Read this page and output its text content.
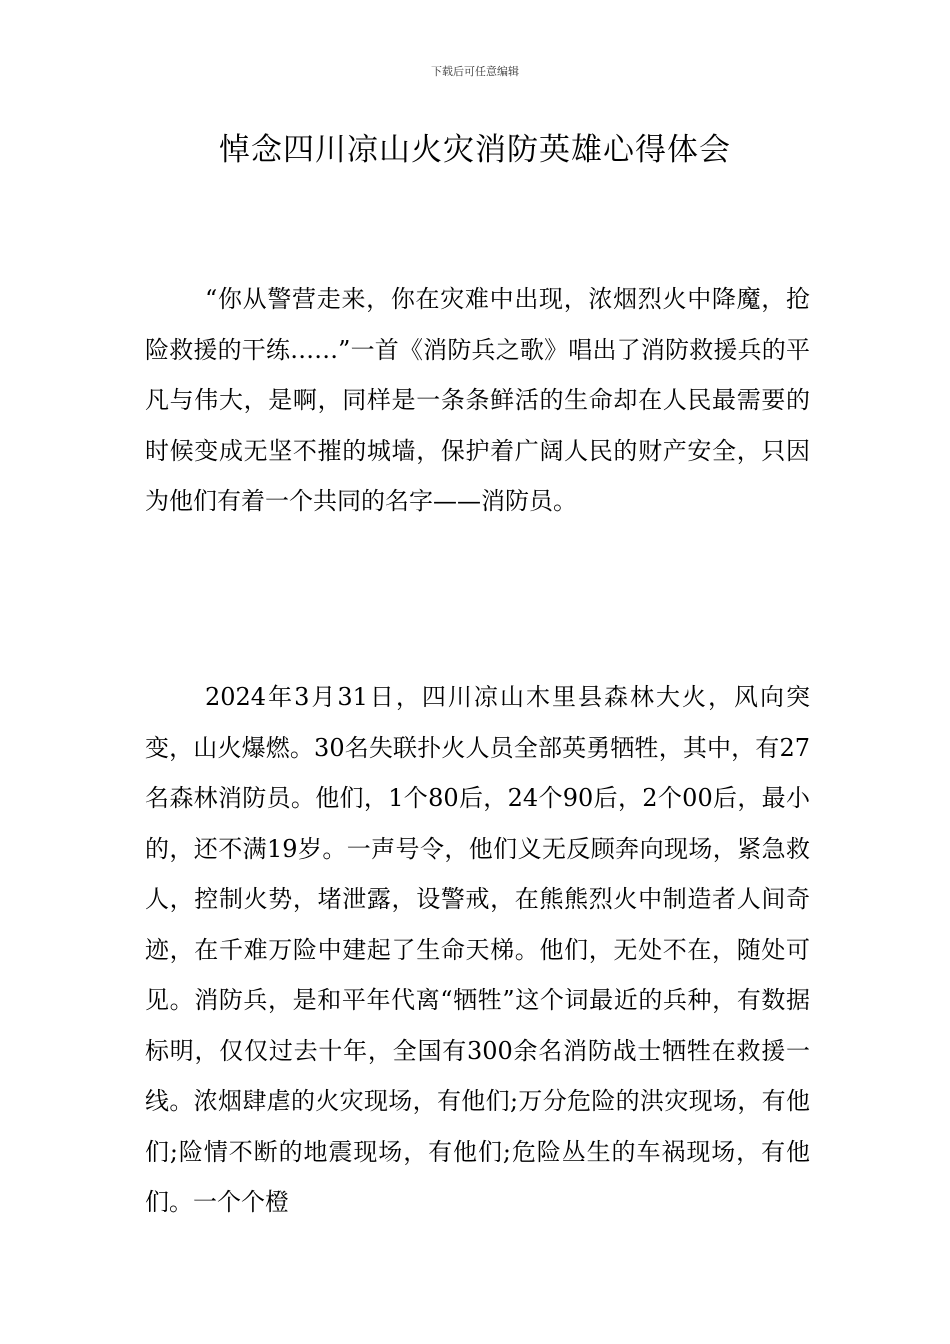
下载后可任意编辑
悼念四川凉山火灾消防英雄心得体会

“你从警营走来，你在灾难中出现，浓烟烈火中降魔，抢险救援的干练……”一首《消防兵之歌》唱出了消防救援兵的平凡与伟大，是啊，同样是一条条鲜活的生命却在人民最需要的时候变成无坚不摧的城墙，保护着广阔人民的财产安全，只因为他们有着一个共同的名字——消防员。

2024年3月31日，四川凉山木里县森林大火，风向突变，山火爆燃。30名失联扑火人员全部英勇牺牲，其中，有27名森林消防员。他们，1个80后，24个90后，2个00后，最小的，还不满19岁。一声号令，他们义无反顾奔向现场，紧急救人，控制火势，堵泄露，设警戒，在熊熊烈火中制造者人间奇迹，在千难万险中建起了生命天梯。他们，无处不在，随处可见。消防兵，是和平年代离“牺牲”这个词最近的兵种，有数据标明，仅仅过去十年，全国有300余名消防战士牺牲在救援一线。浓烟肆虐的火灾现场，有他们;万分危险的洪灾现场，有他们;险情不断的地震现场，有他们;危险丛生的车祸现场，有他们。一个个橙
